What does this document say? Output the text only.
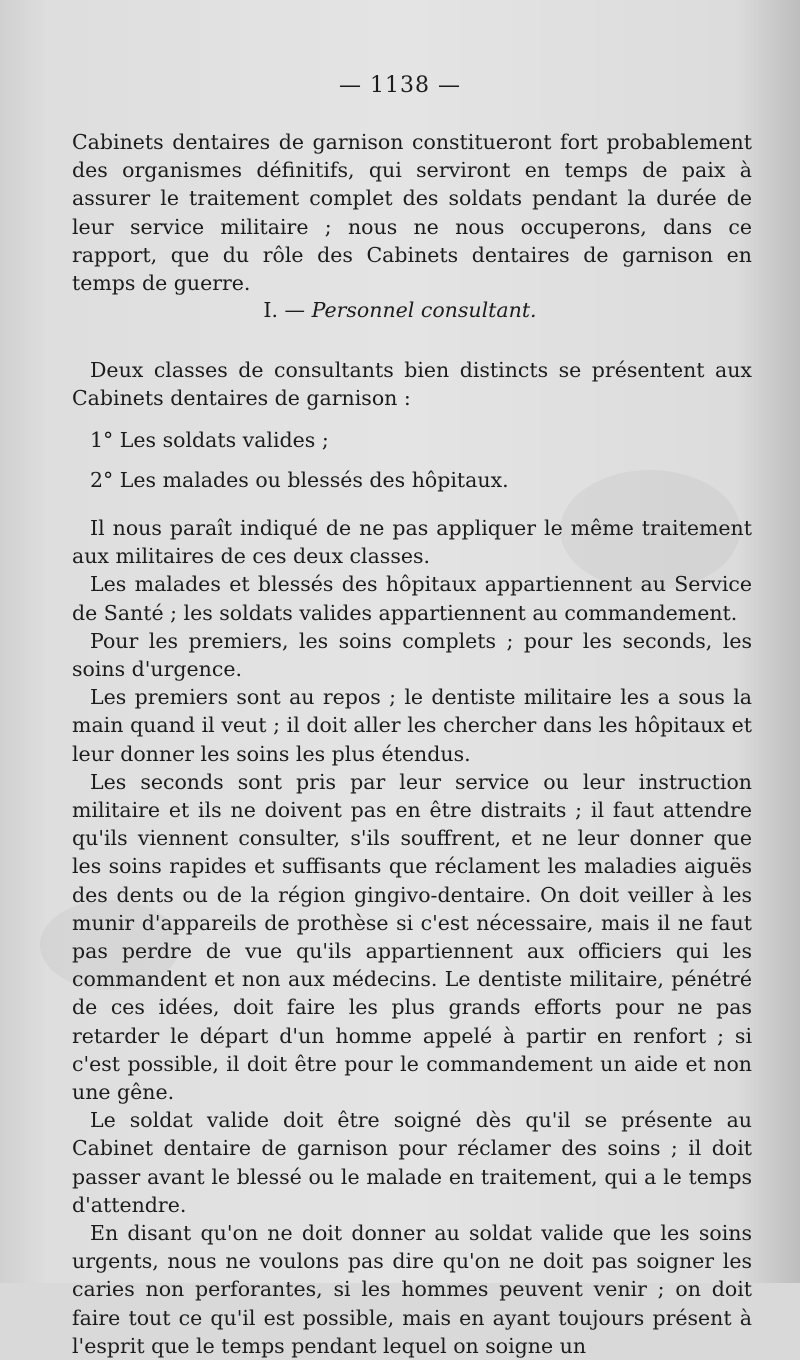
— 1138 —

Cabinets dentaires de garnison constitueront fort probablement des organismes définitifs, qui serviront en temps de paix à assurer le traitement complet des soldats pendant la durée de leur service militaire ; nous ne nous occuperons, dans ce rapport, que du rôle des Cabinets dentaires de garnison en temps de guerre.

I. — Personnel consultant.

Deux classes de consultants bien distincts se présentent aux Cabinets dentaires de garnison :

1° Les soldats valides ;
2° Les malades ou blessés des hôpitaux.

Il nous paraît indiqué de ne pas appliquer le même traitement aux militaires de ces deux classes.

Les malades et blessés des hôpitaux appartiennent au Service de Santé ; les soldats valides appartiennent au commandement.

Pour les premiers, les soins complets ; pour les seconds, les soins d'urgence.

Les premiers sont au repos ; le dentiste militaire les a sous la main quand il veut ; il doit aller les chercher dans les hôpitaux et leur donner les soins les plus étendus.

Les seconds sont pris par leur service ou leur instruction militaire et ils ne doivent pas en être distraits ; il faut attendre qu'ils viennent consulter, s'ils souffrent, et ne leur donner que les soins rapides et suffisants que réclament les maladies aiguës des dents ou de la région gingivo-dentaire. On doit veiller à les munir d'appareils de prothèse si c'est nécessaire, mais il ne faut pas perdre de vue qu'ils appartiennent aux officiers qui les commandent et non aux médecins. Le dentiste militaire, pénétré de ces idées, doit faire les plus grands efforts pour ne pas retarder le départ d'un homme appelé à partir en renfort ; si c'est possible, il doit être pour le commandement un aide et non une gêne.

Le soldat valide doit être soigné dès qu'il se présente au Cabinet dentaire de garnison pour réclamer des soins ; il doit passer avant le blessé ou le malade en traitement, qui a le temps d'attendre.

En disant qu'on ne doit donner au soldat valide que les soins urgents, nous ne voulons pas dire qu'on ne doit pas soigner les caries non perforantes, si les hommes peuvent venir ; on doit faire tout ce qu'il est possible, mais en ayant toujours présent à l'esprit que le temps pendant lequel on soigne un
